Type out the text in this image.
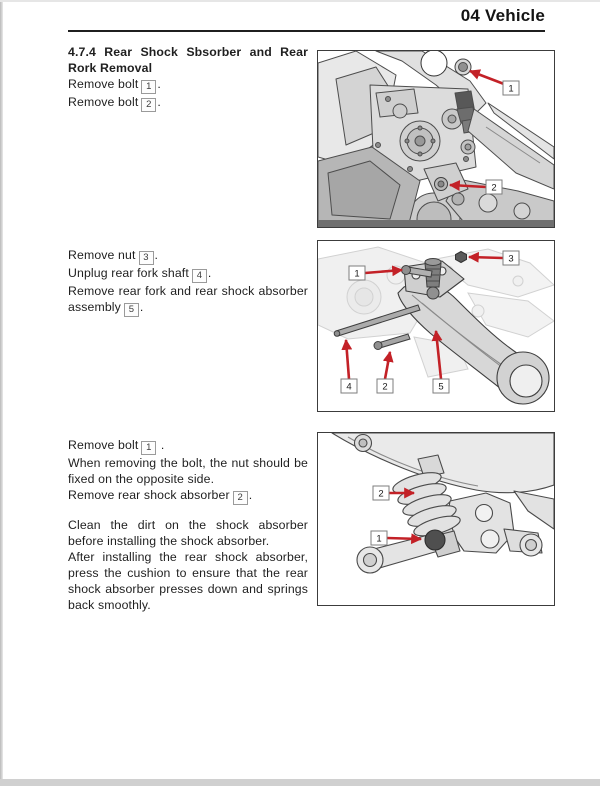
04 Vehicle

4.7.4 Rear Shock Sbsorber and Rear Rork Removal

Remove bolt 1 .

Remove bolt 2 .

Remove nut 3 .

Unplug rear fork shaft 4 .

Remove rear fork and rear shock absorber assembly 5 .

Remove bolt 1 .

When removing the bolt, the nut should be fixed on the opposite side.

Remove rear shock absorber 2 .

Clean the dirt on the shock absorber before installing the shock absorber.

After installing the rear shock absorber, press the cushion to ensure that the rear shock absorber presses down and springs back smoothly.

1
2
3
1
4	2	5
2
1
